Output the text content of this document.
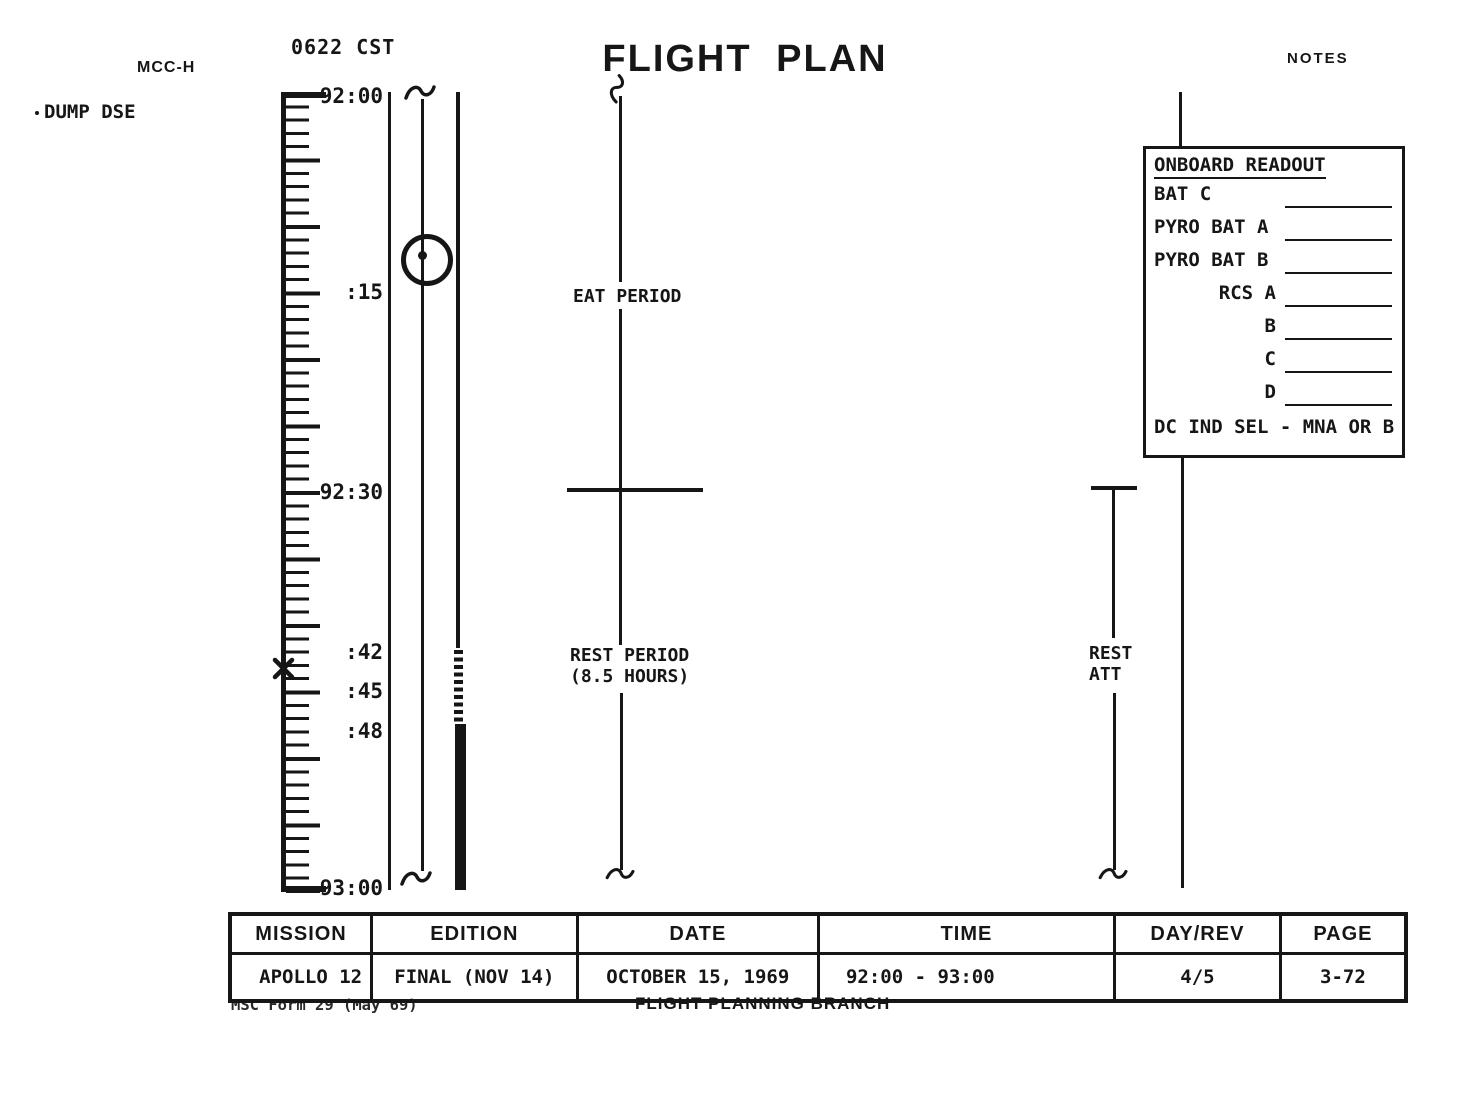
MCC-H
DUMP DSE
0622 CST	FLIGHT PLAN	NOTES
92:00
:15
92:30
:42
:45
:48
93:00
EAT PERIOD
REST PERIOD
(8.5 HOURS)
REST
ATT
ONBOARD READOUT
BAT C
PYRO BAT A
PYRO BAT B
RCS A
B
C
D
DC IND SEL - MNA OR B
MISSION	EDITION	DATE	TIME	DAY/REV	PAGE
APOLLO 12	FINAL (NOV 14)	OCTOBER 15, 1969	92:00 - 93:00	4/5	3-72
MSC Form 29 (May 69)	FLIGHT PLANNING BRANCH
